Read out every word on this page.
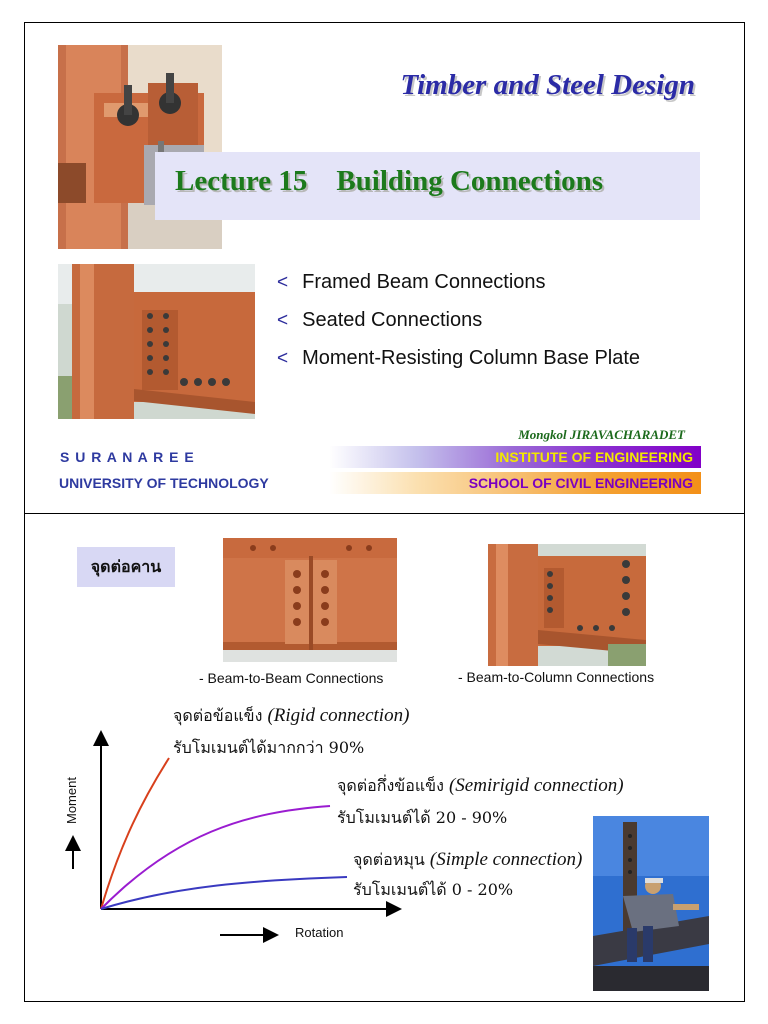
Timber and Steel Design
Lecture 15    Building Connections
< Framed Beam Connections
< Seated Connections
< Moment-Resisting Column Base Plate
Mongkol JIRAVACHARADET
S U R A N A R E E	INSTITUTE OF ENGINEERING
UNIVERSITY OF TECHNOLOGY	SCHOOL OF CIVIL ENGINEERING
จุดต่อคาน
- Beam-to-Beam Connections	- Beam-to-Column Connections
Moment
Rotation
จุดต่อข้อแข็ง (Rigid connection)
รับโมเมนต์ได้มากกว่า 90%
จุดต่อกึ่งข้อแข็ง (Semirigid connection)
รับโมเมนต์ได้ 20 - 90%
จุดต่อหมุน (Simple connection)
รับโมเมนต์ได้ 0 - 20%
